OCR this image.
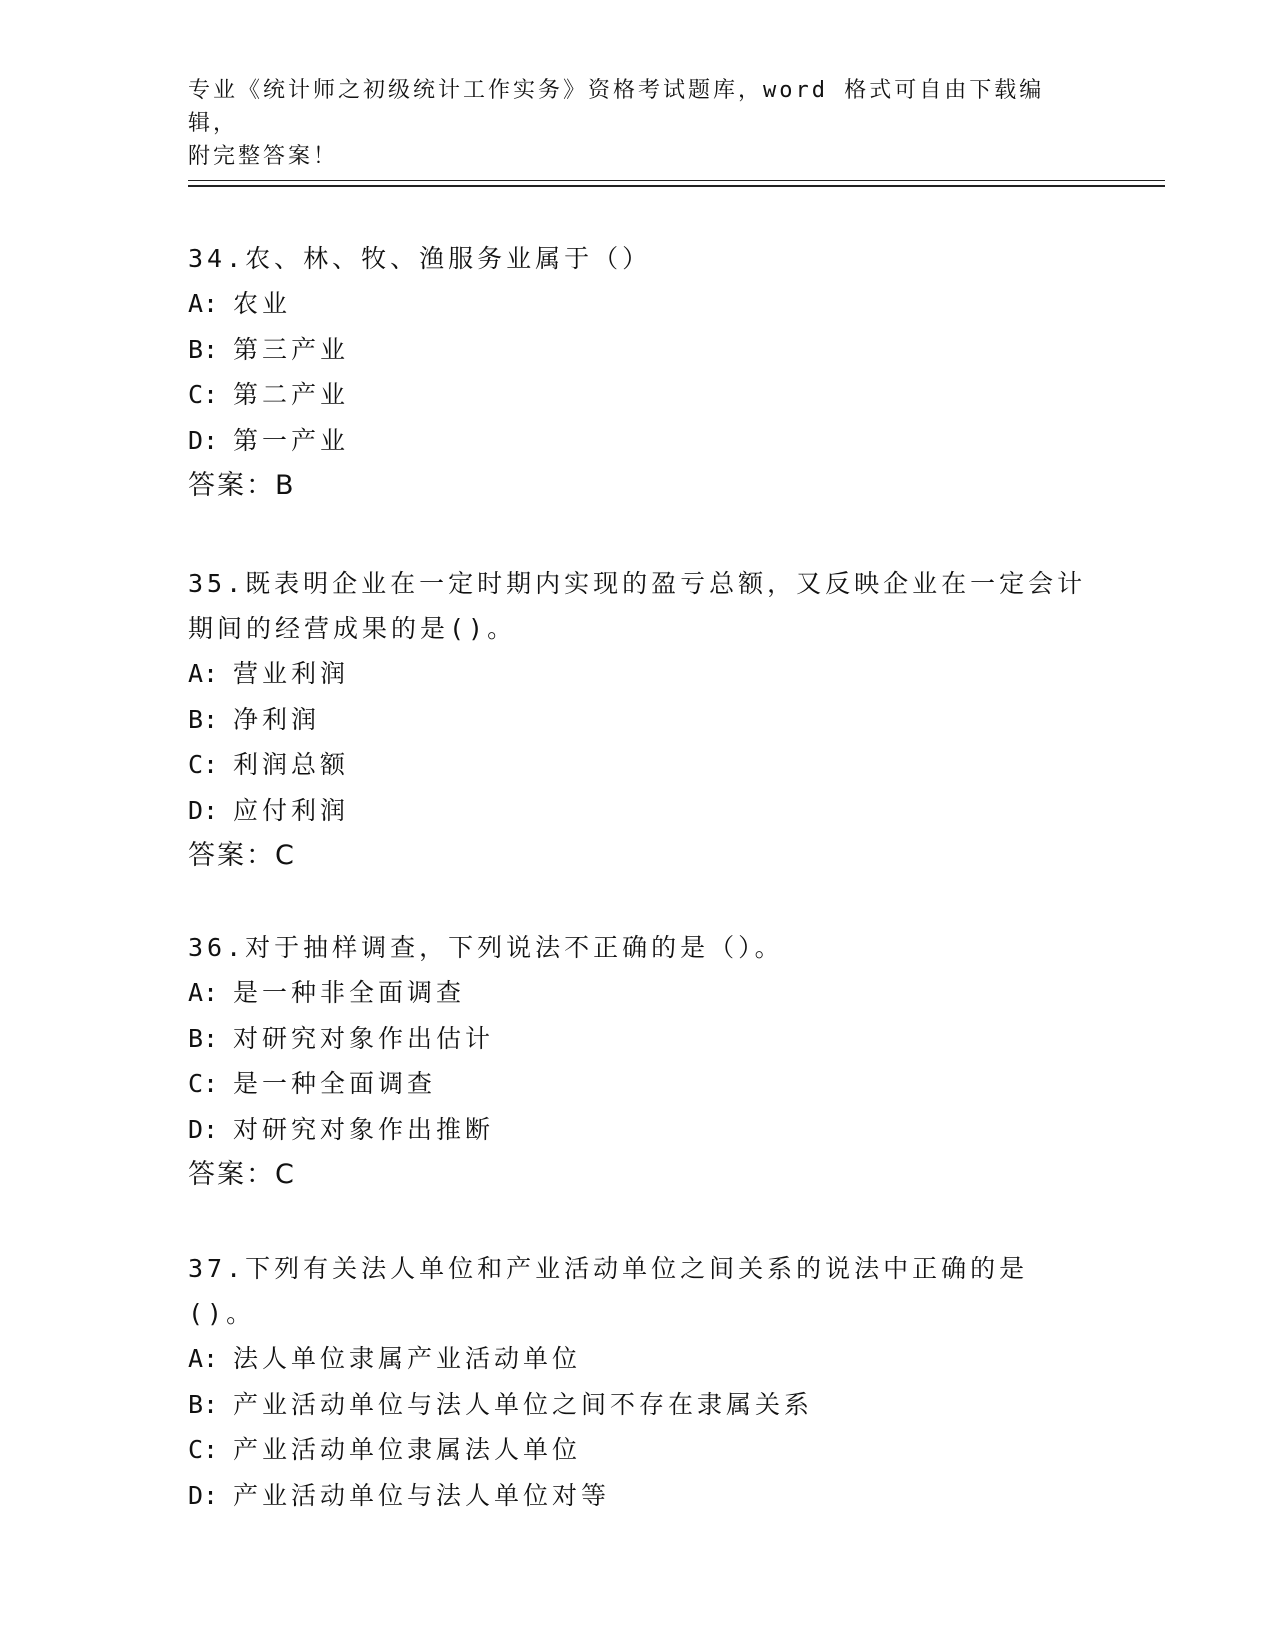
专业《统计师之初级统计工作实务》资格考试题库，word 格式可自由下载编辑，
附完整答案！

34.农、林、牧、渔服务业属于（）

A: 农业

B: 第三产业

C: 第二产业

D: 第一产业

答案：B

35.既表明企业在一定时期内实现的盈亏总额，又反映企业在一定会计期间的经营成果的是()。

A: 营业利润

B: 净利润

C: 利润总额

D: 应付利润

答案：C

36.对于抽样调查，下列说法不正确的是（）。

A: 是一种非全面调查

B: 对研究对象作出估计

C: 是一种全面调查

D: 对研究对象作出推断

答案：C

37.下列有关法人单位和产业活动单位之间关系的说法中正确的是()。

A: 法人单位隶属产业活动单位

B: 产业活动单位与法人单位之间不存在隶属关系

C: 产业活动单位隶属法人单位

D: 产业活动单位与法人单位对等
